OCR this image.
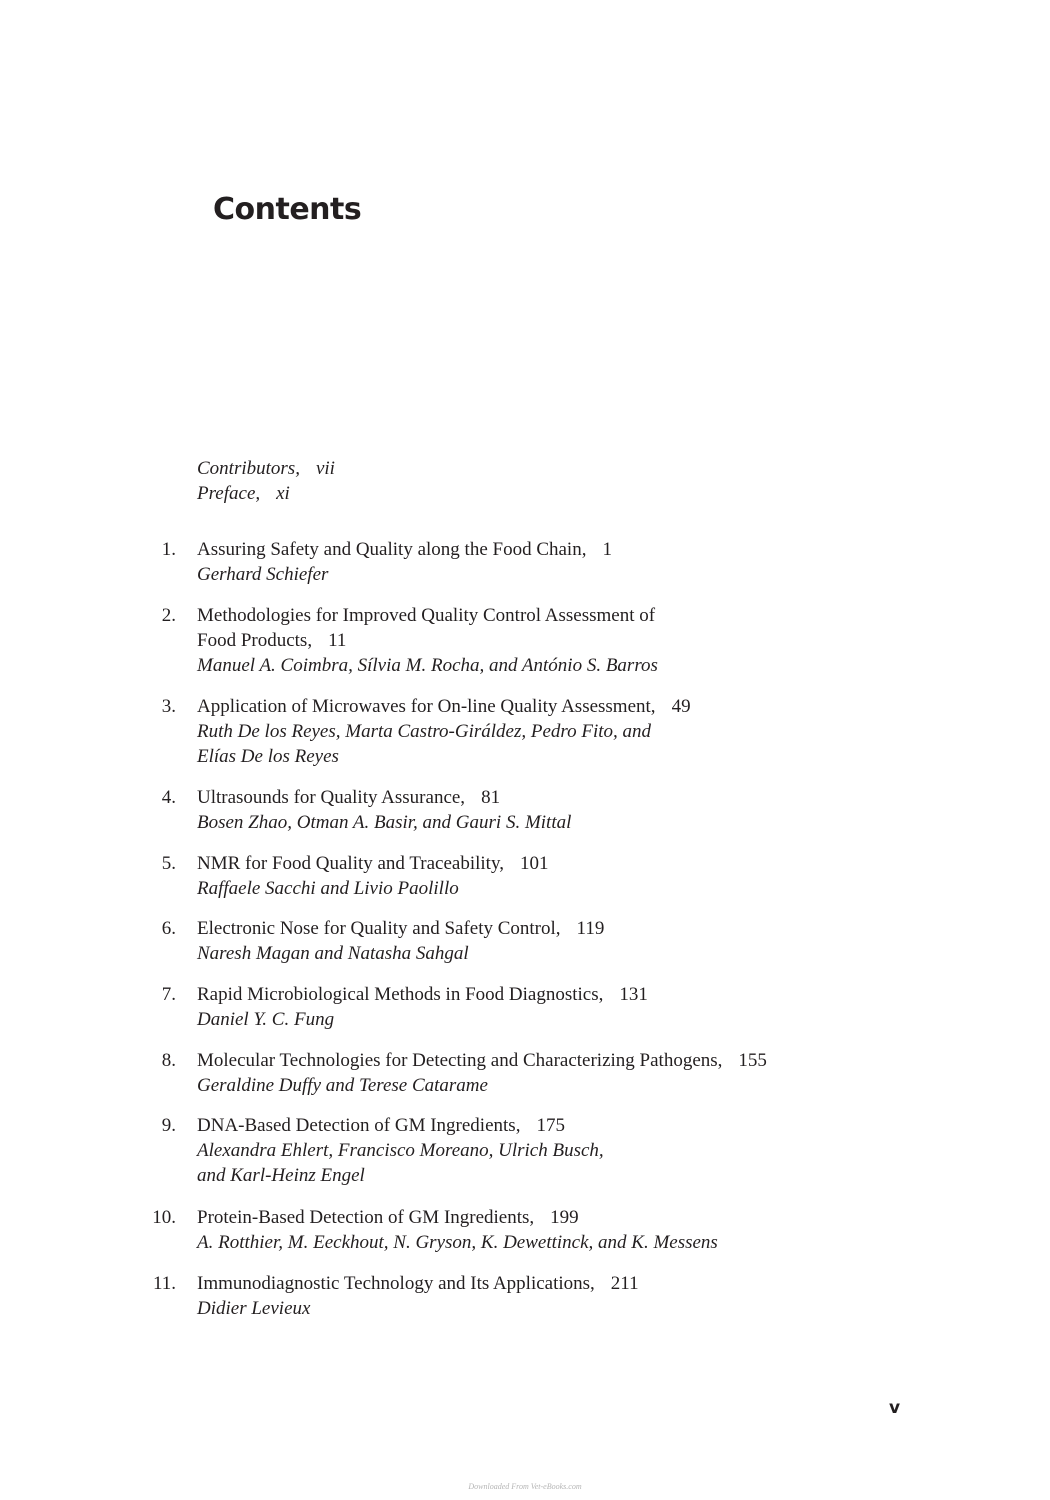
Contents
Contributors, vii
Preface, xi
1. Assuring Safety and Quality along the Food Chain, 1
Gerhard Schiefer
2. Methodologies for Improved Quality Control Assessment of
Food Products, 11
Manuel A. Coimbra, Sílvia M. Rocha, and António S. Barros
3. Application of Microwaves for On-line Quality Assessment, 49
Ruth De los Reyes, Marta Castro-Giráldez, Pedro Fito, and
Elías De los Reyes
4. Ultrasounds for Quality Assurance, 81
Bosen Zhao, Otman A. Basir, and Gauri S. Mittal
5. NMR for Food Quality and Traceability, 101
Raffaele Sacchi and Livio Paolillo
6. Electronic Nose for Quality and Safety Control, 119
Naresh Magan and Natasha Sahgal
7. Rapid Microbiological Methods in Food Diagnostics, 131
Daniel Y. C. Fung
8. Molecular Technologies for Detecting and Characterizing Pathogens, 155
Geraldine Duffy and Terese Catarame
9. DNA-Based Detection of GM Ingredients, 175
Alexandra Ehlert, Francisco Moreano, Ulrich Busch,
and Karl-Heinz Engel
10. Protein-Based Detection of GM Ingredients, 199
A. Rotthier, M. Eeckhout, N. Gryson, K. Dewettinck, and K. Messens
11. Immunodiagnostic Technology and Its Applications, 211
Didier Levieux
v
Downloaded From Vet-eBooks.com
